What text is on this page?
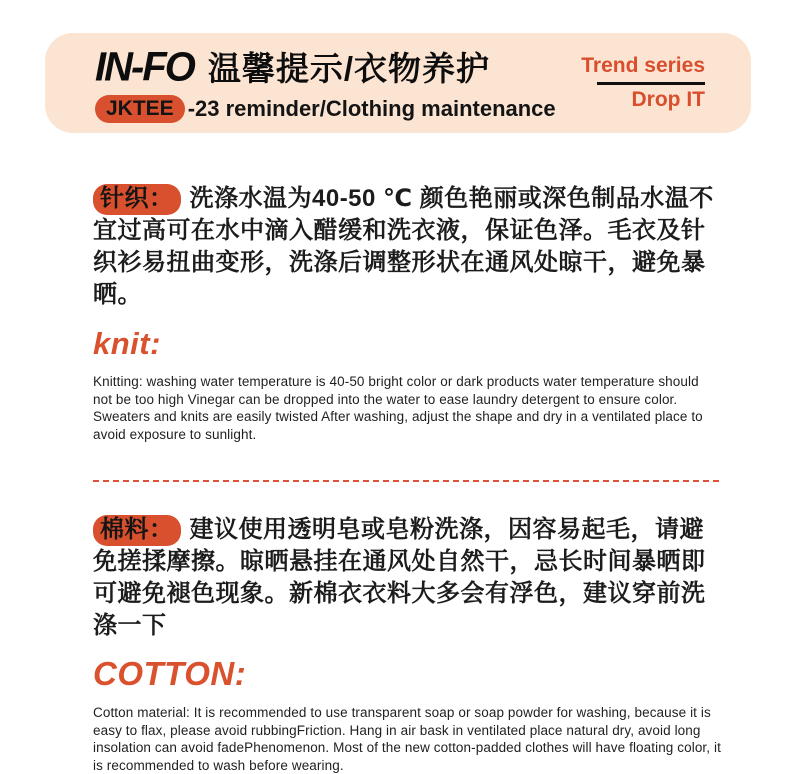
IN-FO 温馨提示/衣物养护
JKTEE -23 reminder/Clothing maintenance
Trend series
Drop IT

针织： 洗涤水温为40-50 ℃ 颜色艳丽或深色制品水温不宜过高可在水中滴入醋缓和洗衣液，保证色泽。毛衣及针织衫易扭曲变形，洗涤后调整形状在通风处晾干，避免暴晒。

knit:

Knitting: washing water temperature is 40-50 bright color or dark products water temperature should not be too high Vinegar can be dropped into the water to ease laundry detergent to ensure color. Sweaters and knits are easily twisted After washing, adjust the shape and dry in a ventilated place to avoid exposure to sunlight.

棉料： 建议使用透明皂或皂粉洗涤，因容易起毛，请避免搓揉摩擦。晾晒悬挂在通风处自然干，忌长时间暴晒即可避免褪色现象。新棉衣衣料大多会有浮色，建议穿前洗涤一下

COTTON:

Cotton material: It is recommended to use transparent soap or soap powder for washing, because it is easy to flax, please avoid rubbingFriction. Hang in air bask in ventilated place natural dry, avoid long insolation can avoid fadePhenomenon. Most of the new cotton-padded clothes will have floating color, it is recommended to wash before wearing.
